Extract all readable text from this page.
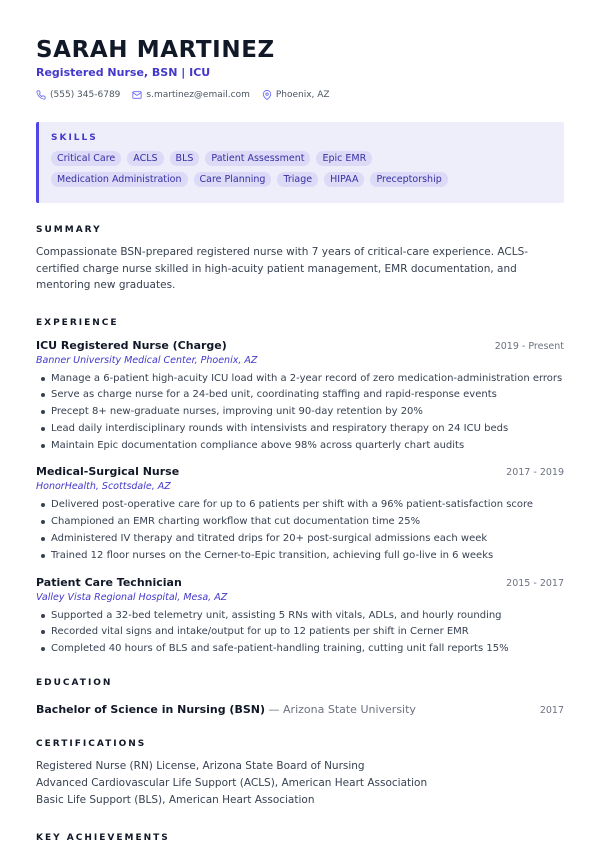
SARAH MARTINEZ
Registered Nurse, BSN | ICU
(555) 345-6789	s.martinez@email.com	Phoenix, AZ
SKILLS
Critical Care	ACLS	BLS	Patient Assessment	Epic EMR
Medication Administration	Care Planning	Triage	HIPAA	Preceptorship
SUMMARY
Compassionate BSN-prepared registered nurse with 7 years of critical-care experience. ACLS-certified charge nurse skilled in high-acuity patient management, EMR documentation, and mentoring new graduates.
EXPERIENCE
ICU Registered Nurse (Charge)	2019 - Present
Banner University Medical Center, Phoenix, AZ
Manage a 6-patient high-acuity ICU load with a 2-year record of zero medication-administration errors
Serve as charge nurse for a 24-bed unit, coordinating staffing and rapid-response events
Precept 8+ new-graduate nurses, improving unit 90-day retention by 20%
Lead daily interdisciplinary rounds with intensivists and respiratory therapy on 24 ICU beds
Maintain Epic documentation compliance above 98% across quarterly chart audits
Medical-Surgical Nurse	2017 - 2019
HonorHealth, Scottsdale, AZ
Delivered post-operative care for up to 6 patients per shift with a 96% patient-satisfaction score
Championed an EMR charting workflow that cut documentation time 25%
Administered IV therapy and titrated drips for 20+ post-surgical admissions each week
Trained 12 floor nurses on the Cerner-to-Epic transition, achieving full go-live in 6 weeks
Patient Care Technician	2015 - 2017
Valley Vista Regional Hospital, Mesa, AZ
Supported a 32-bed telemetry unit, assisting 5 RNs with vitals, ADLs, and hourly rounding
Recorded vital signs and intake/output for up to 12 patients per shift in Cerner EMR
Completed 40 hours of BLS and safe-patient-handling training, cutting unit fall reports 15%
EDUCATION
Bachelor of Science in Nursing (BSN) — Arizona State University	2017
CERTIFICATIONS
Registered Nurse (RN) License, Arizona State Board of Nursing
Advanced Cardiovascular Life Support (ACLS), American Heart Association
Basic Life Support (BLS), American Heart Association
KEY ACHIEVEMENTS
